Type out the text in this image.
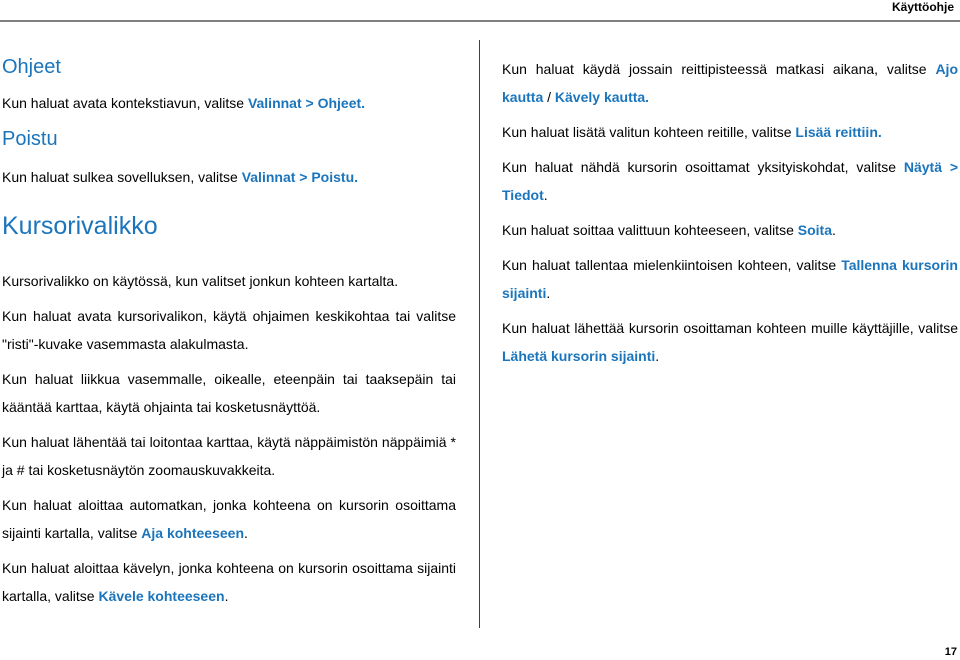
Käyttöohje
Ohjeet

Kun haluat avata kontekstiavun, valitse Valinnat > Ohjeet.

Poistu

Kun haluat sulkea sovelluksen, valitse Valinnat > Poistu.

Kursorivalikko

Kursorivalikko on käytössä, kun valitset jonkun kohteen kartalta.

Kun haluat avata kursorivalikon, käytä ohjaimen keskikohtaa tai valitse "risti"-kuvake vasemmasta alakulmasta.

Kun haluat liikkua vasemmalle, oikealle, eteenpäin tai taaksepäin tai kääntää karttaa, käytä ohjainta tai kosketusnäyttöä.

Kun haluat lähentää tai loitontaa karttaa, käytä näppäimistön näppäimiä * ja # tai kosketusnäytön zoomauskuvakkeita.

Kun haluat aloittaa automatkan, jonka kohteena on kursorin osoittama sijainti kartalla, valitse Aja kohteeseen.

Kun haluat aloittaa kävelyn, jonka kohteena on kursorin osoittama sijainti kartalla, valitse Kävele kohteeseen.

Kun haluat käydä jossain reittipisteessä matkasi aikana, valitse Ajo kautta / Kävely kautta.

Kun haluat lisätä valitun kohteen reitille, valitse Lisää reittiin.

Kun haluat nähdä kursorin osoittamat yksityiskohdat, valitse Näytä > Tiedot.

Kun haluat soittaa valittuun kohteeseen, valitse Soita.

Kun haluat tallentaa mielenkiintoisen kohteen, valitse Tallenna kursorin sijainti.

Kun haluat lähettää kursorin osoittaman kohteen muille käyttäjille, valitse Lähetä kursorin sijainti.

17
